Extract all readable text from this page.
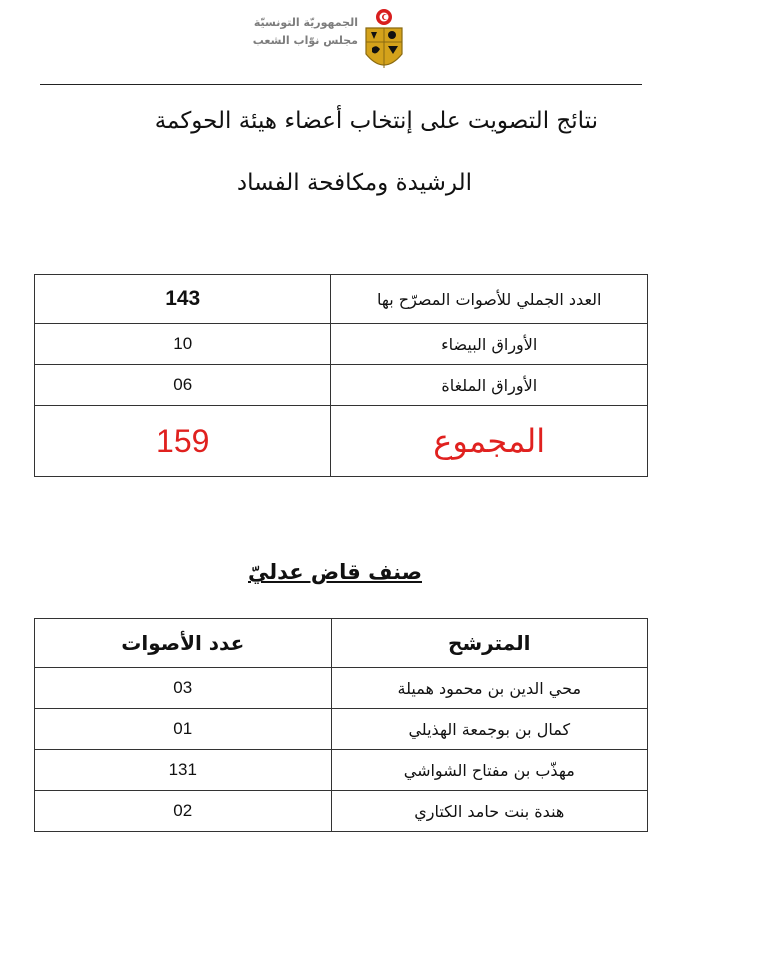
الجمهوريّة التونسيّة
مجلس نوّاب الشعب
نتائج التصويت على إنتخاب أعضاء هيئة الحوكمة
الرشيدة ومكافحة الفساد
العدد الجملي للأصوات المصرّح بها	143
الأوراق البيضاء	10
الأوراق الملغاة	06
المجموع	159
صنف قاض عدليّ
المترشح	عدد الأصوات
محي الدين بن محمود هميلة	03
كمال بن بوجمعة الهذيلي	01
مهذّب بن مفتاح الشواشي	131
هندة بنت حامد الكتاري	02
